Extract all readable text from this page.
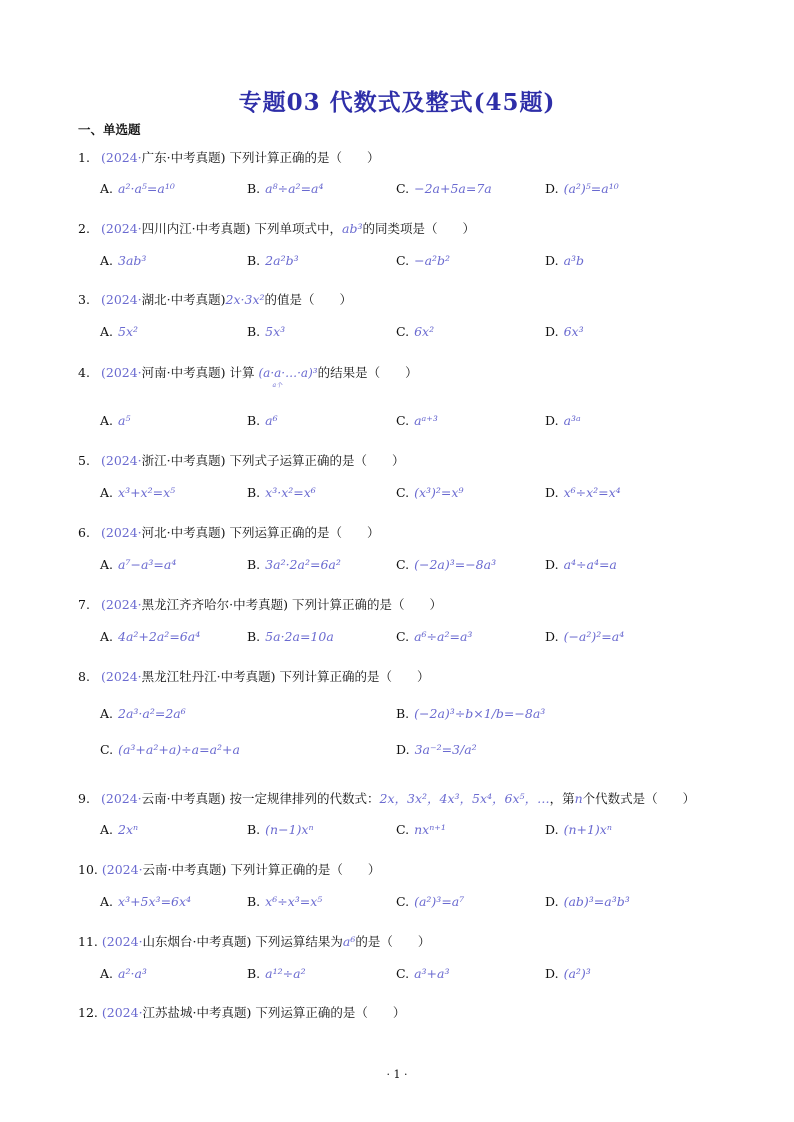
专题03 代数式及整式(45题)
一、单选题
1. (2024·广东·中考真题) 下列计算正确的是（　　）
A. a²·a⁵=a¹⁰	B. a⁸÷a²=a⁴	C. −2a+5a=7a	D. (a²)⁵=a¹⁰
2. (2024·四川内江·中考真题) 下列单项式中，ab³的同类项是（　　）
A. 3ab³	B. 2a²b³	C. −a²b²	D. a³b
3. (2024·湖北·中考真题)2x·3x²的值是（　　）
A. 5x²	B. 5x³	C. 6x²	D. 6x³
4. (2024·河南·中考真题) 计算 (a·a·…·a)³
a个
的结果是（　　）
A. a⁵	B. a⁶	C. aᵃ⁺³	D. a³ᵃ
5. (2024·浙江·中考真题) 下列式子运算正确的是（　　）
A. x³+x²=x⁵	B. x³·x²=x⁶	C. (x³)²=x⁹	D. x⁶÷x²=x⁴
6. (2024·河北·中考真题) 下列运算正确的是（　　）
A. a⁷−a³=a⁴	B. 3a²·2a²=6a²	C. (−2a)³=−8a³	D. a⁴÷a⁴=a
7. (2024·黑龙江齐齐哈尔·中考真题) 下列计算正确的是（　　）
A. 4a²+2a²=6a⁴	B. 5a·2a=10a	C. a⁶÷a²=a³	D. (−a²)²=a⁴
8. (2024·黑龙江牡丹江·中考真题) 下列计算正确的是（　　）
A. 2a³·a²=2a⁶	B. (−2a)³÷b×1/b=−8a³
C. (a³+a²+a)÷a=a²+a	D. 3a⁻²=3/a²
9. (2024·云南·中考真题) 按一定规律排列的代数式：2x，3x²，4x³，5x⁴，6x⁵，…，第n个代数式是（　　）
A. 2xⁿ	B. (n−1)xⁿ	C. nxⁿ⁺¹	D. (n+1)xⁿ
10. (2024·云南·中考真题) 下列计算正确的是（　　）
A. x³+5x³=6x⁴	B. x⁶÷x³=x⁵	C. (a²)³=a⁷	D. (ab)³=a³b³
11. (2024·山东烟台·中考真题) 下列运算结果为a⁶的是（　　）
A. a²·a³	B. a¹²÷a²	C. a³+a³	D. (a²)³
12. (2024·江苏盐城·中考真题) 下列运算正确的是（　　）
· 1 ·
